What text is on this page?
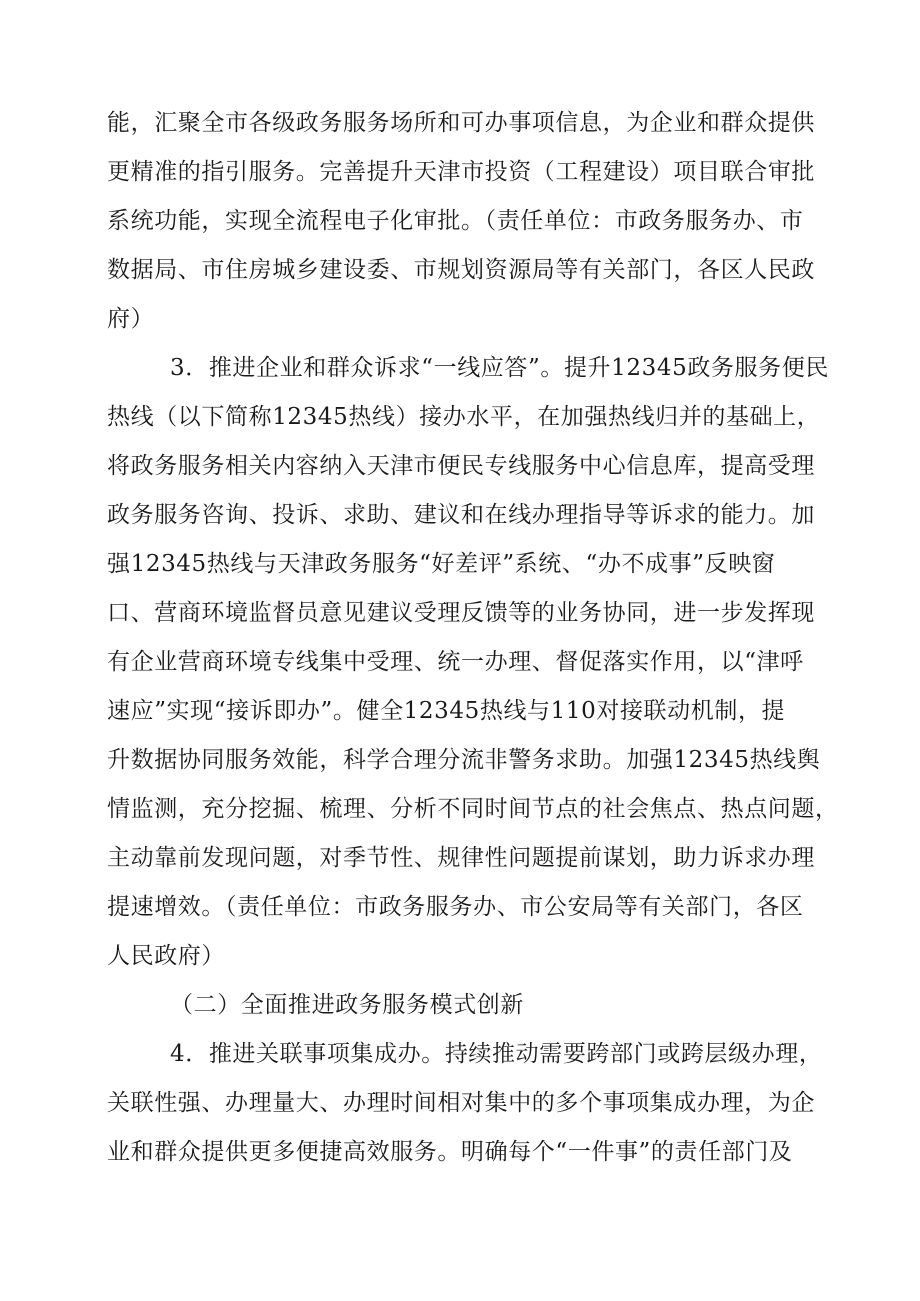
能，汇聚全市各级政务服务场所和可办事项信息，为企业和群众提供
更精准的指引服务。完善提升天津市投资（工程建设）项目联合审批
系统功能，实现全流程电子化审批。（责任单位：市政务服务办、市
数据局、市住房城乡建设委、市规划资源局等有关部门，各区人民政
府）
3．推进企业和群众诉求“一线应答”。提升12345政务服务便民
热线（以下简称12345热线）接办水平，在加强热线归并的基础上，
将政务服务相关内容纳入天津市便民专线服务中心信息库，提高受理
政务服务咨询、投诉、求助、建议和在线办理指导等诉求的能力。加
强12345热线与天津政务服务“好差评”系统、“办不成事”反映窗
口、营商环境监督员意见建议受理反馈等的业务协同，进一步发挥现
有企业营商环境专线集中受理、统一办理、督促落实作用，以“津呼
速应”实现“接诉即办”。健全12345热线与110对接联动机制，提
升数据协同服务效能，科学合理分流非警务求助。加强12345热线舆
情监测，充分挖掘、梳理、分析不同时间节点的社会焦点、热点问题，
主动靠前发现问题，对季节性、规律性问题提前谋划，助力诉求办理
提速增效。（责任单位：市政务服务办、市公安局等有关部门，各区
人民政府）
（二）全面推进政务服务模式创新
4．推进关联事项集成办。持续推动需要跨部门或跨层级办理，
关联性强、办理量大、办理时间相对集中的多个事项集成办理，为企
业和群众提供更多便捷高效服务。明确每个“一件事”的责任部门及
